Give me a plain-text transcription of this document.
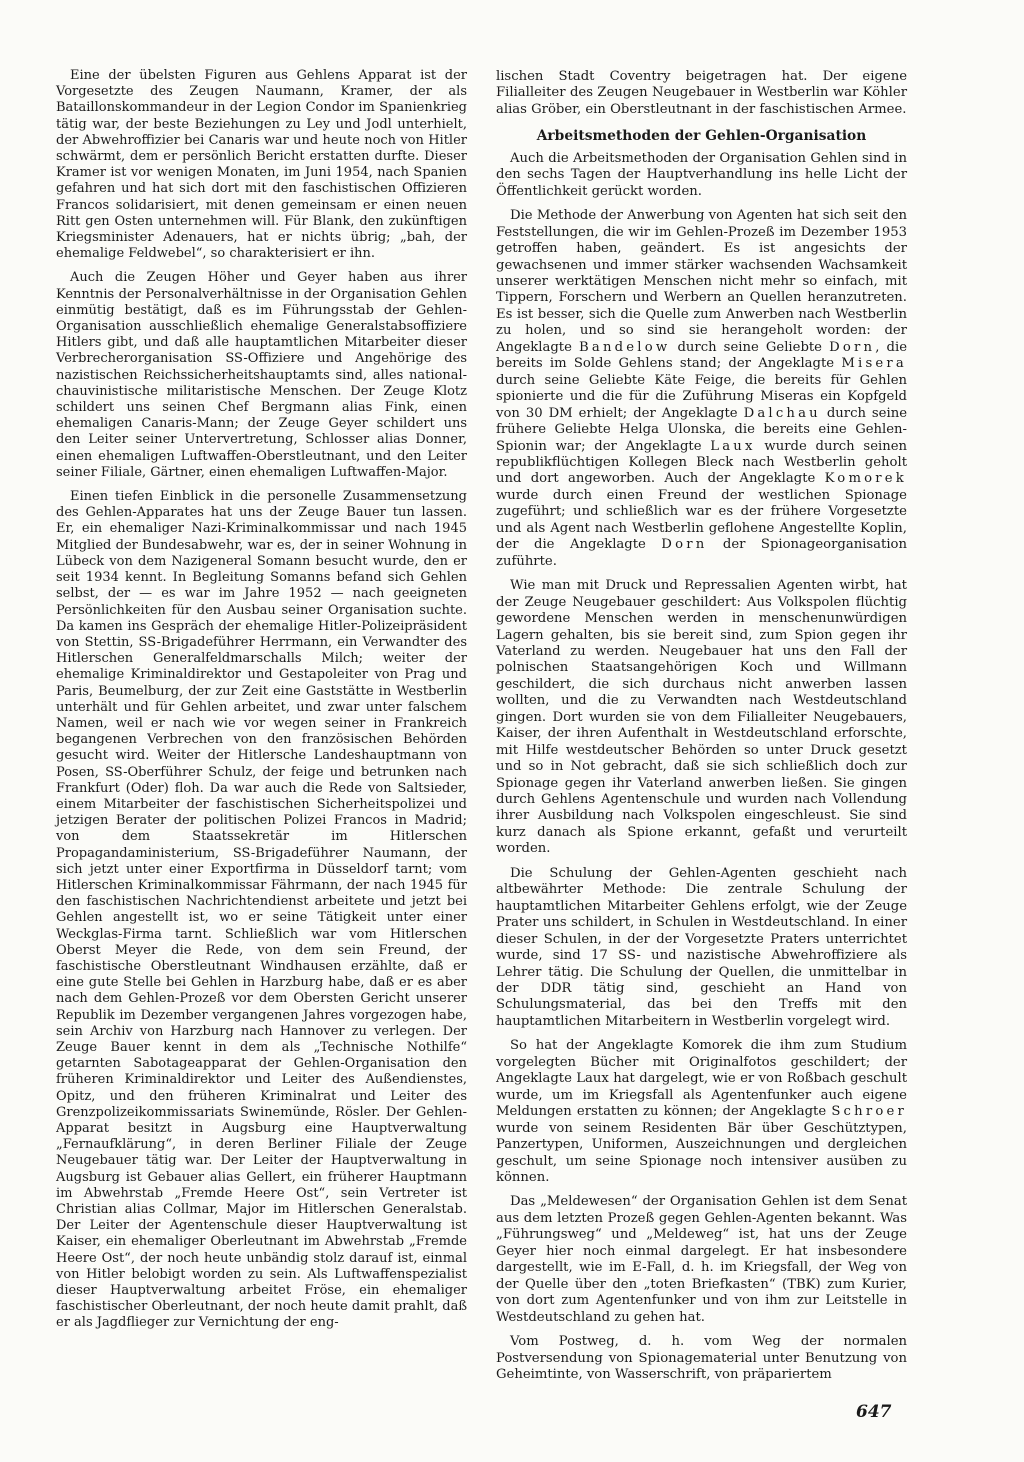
Eine der übelsten Figuren aus Gehlens Apparat ist der Vorgesetzte des Zeugen Naumann, Kramer, der als Bataillonskommandeur in der Legion Condor im Spanienkrieg tätig war, der beste Beziehungen zu Ley und Jodl unterhielt, der Abwehroffizier bei Canaris war und heute noch von Hitler schwärmt, dem er persönlich Bericht erstatten durfte. Dieser Kramer ist vor wenigen Monaten, im Juni 1954, nach Spanien gefahren und hat sich dort mit den faschistischen Offizieren Francos solidarisiert, mit denen gemeinsam er einen neuen Ritt gen Osten unternehmen will. Für Blank, den zukünftigen Kriegsminister Adenauers, hat er nichts übrig; „bah, der ehemalige Feldwebel“, so charakterisiert er ihn.

Auch die Zeugen Höher und Geyer haben aus ihrer Kenntnis der Personalverhältnisse in der Organisation Gehlen einmütig bestätigt, daß es im Führungsstab der Gehlen-Organisation ausschließlich ehemalige Generalstabsoffiziere Hitlers gibt, und daß alle hauptamtlichen Mitarbeiter dieser Verbrecherorganisation SS-Offiziere und Angehörige des nazistischen Reichssicherheitshauptamts sind, alles national-chauvinistische militaristische Menschen. Der Zeuge Klotz schildert uns seinen Chef Bergmann alias Fink, einen ehemaligen Canaris-Mann; der Zeuge Geyer schildert uns den Leiter seiner Untervertretung, Schlosser alias Donner, einen ehemaligen Luftwaffen-Oberstleutnant, und den Leiter seiner Filiale, Gärtner, einen ehemaligen Luftwaffen-Major.

Einen tiefen Einblick in die personelle Zusammensetzung des Gehlen-Apparates hat uns der Zeuge Bauer tun lassen. Er, ein ehemaliger Nazi-Kriminalkommissar und nach 1945 Mitglied der Bundesabwehr, war es, der in seiner Wohnung in Lübeck von dem Nazigeneral Somann besucht wurde, den er seit 1934 kennt. In Begleitung Somanns befand sich Gehlen selbst, der — es war im Jahre 1952 — nach geeigneten Persönlichkeiten für den Ausbau seiner Organisation suchte. Da kamen ins Gespräch der ehemalige Hitler-Polizeipräsident von Stettin, SS-Brigadeführer Herrmann, ein Verwandter des Hitlerschen Generalfeldmarschalls Milch; weiter der ehemalige Kriminaldirektor und Gestapoleiter von Prag und Paris, Beumelburg, der zur Zeit eine Gaststätte in Westberlin unterhält und für Gehlen arbeitet, und zwar unter falschem Namen, weil er nach wie vor wegen seiner in Frankreich begangenen Verbrechen von den französischen Behörden gesucht wird. Weiter der Hitlersche Landeshauptmann von Posen, SS-Oberführer Schulz, der feige und betrunken nach Frankfurt (Oder) floh. Da war auch die Rede von Saltsieder, einem Mitarbeiter der faschistischen Sicherheitspolizei und jetzigen Berater der politischen Polizei Francos in Madrid; von dem Staatssekretär im Hitlerschen Propagandaministerium, SS-Brigadeführer Naumann, der sich jetzt unter einer Exportfirma in Düsseldorf tarnt; vom Hitlerschen Kriminalkommissar Fährmann, der nach 1945 für den faschistischen Nachrichtendienst arbeitete und jetzt bei Gehlen angestellt ist, wo er seine Tätigkeit unter einer Weckglas-Firma tarnt. Schließlich war vom Hitlerschen Oberst Meyer die Rede, von dem sein Freund, der faschistische Oberstleutnant Windhausen erzählte, daß er eine gute Stelle bei Gehlen in Harzburg habe, daß er es aber nach dem Gehlen-Prozeß vor dem Obersten Gericht unserer Republik im Dezember vergangenen Jahres vorgezogen habe, sein Archiv von Harzburg nach Hannover zu verlegen. Der Zeuge Bauer kennt in dem als „Technische Nothilfe“ getarnten Sabotageapparat der Gehlen-Organisation den früheren Kriminaldirektor und Leiter des Außendienstes, Opitz, und den früheren Kriminalrat und Leiter des Grenzpolizeikommissariats Swinemünde, Rösler. Der Gehlen-Apparat besitzt in Augsburg eine Hauptverwaltung „Fernaufklärung“, in deren Berliner Filiale der Zeuge Neugebauer tätig war. Der Leiter der Hauptverwaltung in Augsburg ist Gebauer alias Gellert, ein früherer Hauptmann im Abwehrstab „Fremde Heere Ost“, sein Vertreter ist Christian alias Collmar, Major im Hitlerschen Generalstab. Der Leiter der Agentenschule dieser Hauptverwaltung ist Kaiser, ein ehemaliger Oberleutnant im Abwehrstab „Fremde Heere Ost“, der noch heute unbändig stolz darauf ist, einmal von Hitler belobigt worden zu sein. Als Luftwaffenspezialist dieser Hauptverwaltung arbeitet Fröse, ein ehemaliger faschistischer Oberleutnant, der noch heute damit prahlt, daß er als Jagdflieger zur Vernichtung der eng-

lischen Stadt Coventry beigetragen hat. Der eigene Filialleiter des Zeugen Neugebauer in Westberlin war Köhler alias Gröber, ein Oberstleutnant in der faschistischen Armee.

Arbeitsmethoden der Gehlen-Organisation

Auch die Arbeitsmethoden der Organisation Gehlen sind in den sechs Tagen der Hauptverhandlung ins helle Licht der Öffentlichkeit gerückt worden.

Die Methode der Anwerbung von Agenten hat sich seit den Feststellungen, die wir im Gehlen-Prozeß im Dezember 1953 getroffen haben, geändert. Es ist angesichts der gewachsenen und immer stärker wachsenden Wachsamkeit unserer werktätigen Menschen nicht mehr so einfach, mit Tippern, Forschern und Werbern an Quellen heranzutreten. Es ist besser, sich die Quelle zum Anwerben nach Westberlin zu holen, und so sind sie herangeholt worden: der Angeklagte Bandelow durch seine Geliebte Dorn, die bereits im Solde Gehlens stand; der Angeklagte Misera durch seine Geliebte Käte Feige, die bereits für Gehlen spionierte und die für die Zuführung Miseras ein Kopfgeld von 30 DM erhielt; der Angeklagte Dalchau durch seine frühere Geliebte Helga Ulonska, die bereits eine Gehlen-Spionin war; der Angeklagte Laux wurde durch seinen republikflüchtigen Kollegen Bleck nach Westberlin geholt und dort angeworben. Auch der Angeklagte Komorek wurde durch einen Freund der westlichen Spionage zugeführt; und schließlich war es der frühere Vorgesetzte und als Agent nach Westberlin geflohene Angestellte Koplin, der die Angeklagte Dorn der Spionageorganisation zuführte.

Wie man mit Druck und Repressalien Agenten wirbt, hat der Zeuge Neugebauer geschildert: Aus Volkspolen flüchtig gewordene Menschen werden in menschenunwürdigen Lagern gehalten, bis sie bereit sind, zum Spion gegen ihr Vaterland zu werden. Neugebauer hat uns den Fall der polnischen Staatsangehörigen Koch und Willmann geschildert, die sich durchaus nicht anwerben lassen wollten, und die zu Verwandten nach Westdeutschland gingen. Dort wurden sie von dem Filialleiter Neugebauers, Kaiser, der ihren Aufenthalt in Westdeutschland erforschte, mit Hilfe westdeutscher Behörden so unter Druck gesetzt und so in Not gebracht, daß sie sich schließlich doch zur Spionage gegen ihr Vaterland anwerben ließen. Sie gingen durch Gehlens Agentenschule und wurden nach Vollendung ihrer Ausbildung nach Volkspolen eingeschleust. Sie sind kurz danach als Spione erkannt, gefaßt und verurteilt worden.

Die Schulung der Gehlen-Agenten geschieht nach altbewährter Methode: Die zentrale Schulung der hauptamtlichen Mitarbeiter Gehlens erfolgt, wie der Zeuge Prater uns schildert, in Schulen in Westdeutschland. In einer dieser Schulen, in der der Vorgesetzte Praters unterrichtet wurde, sind 17 SS- und nazistische Abwehroffiziere als Lehrer tätig. Die Schulung der Quellen, die unmittelbar in der DDR tätig sind, geschieht an Hand von Schulungsmaterial, das bei den Treffs mit den hauptamtlichen Mitarbeitern in Westberlin vorgelegt wird.

So hat der Angeklagte Komorek die ihm zum Studium vorgelegten Bücher mit Originalfotos geschildert; der Angeklagte Laux hat dargelegt, wie er von Roßbach geschult wurde, um im Kriegsfall als Agentenfunker auch eigene Meldungen erstatten zu können; der Angeklagte Schroer wurde von seinem Residenten Bär über Geschütztypen, Panzertypen, Uniformen, Auszeichnungen und dergleichen geschult, um seine Spionage noch intensiver ausüben zu können.

Das „Meldewesen“ der Organisation Gehlen ist dem Senat aus dem letzten Prozeß gegen Gehlen-Agenten bekannt. Was „Führungsweg“ und „Meldeweg“ ist, hat uns der Zeuge Geyer hier noch einmal dargelegt. Er hat insbesondere dargestellt, wie im E-Fall, d. h. im Kriegsfall, der Weg von der Quelle über den „toten Briefkasten“ (TBK) zum Kurier, von dort zum Agentenfunker und von ihm zur Leitstelle in Westdeutschland zu gehen hat.

Vom Postweg, d. h. vom Weg der normalen Postversendung von Spionagematerial unter Benutzung von Geheimtinte, von Wasserschrift, von präpariertem

647
